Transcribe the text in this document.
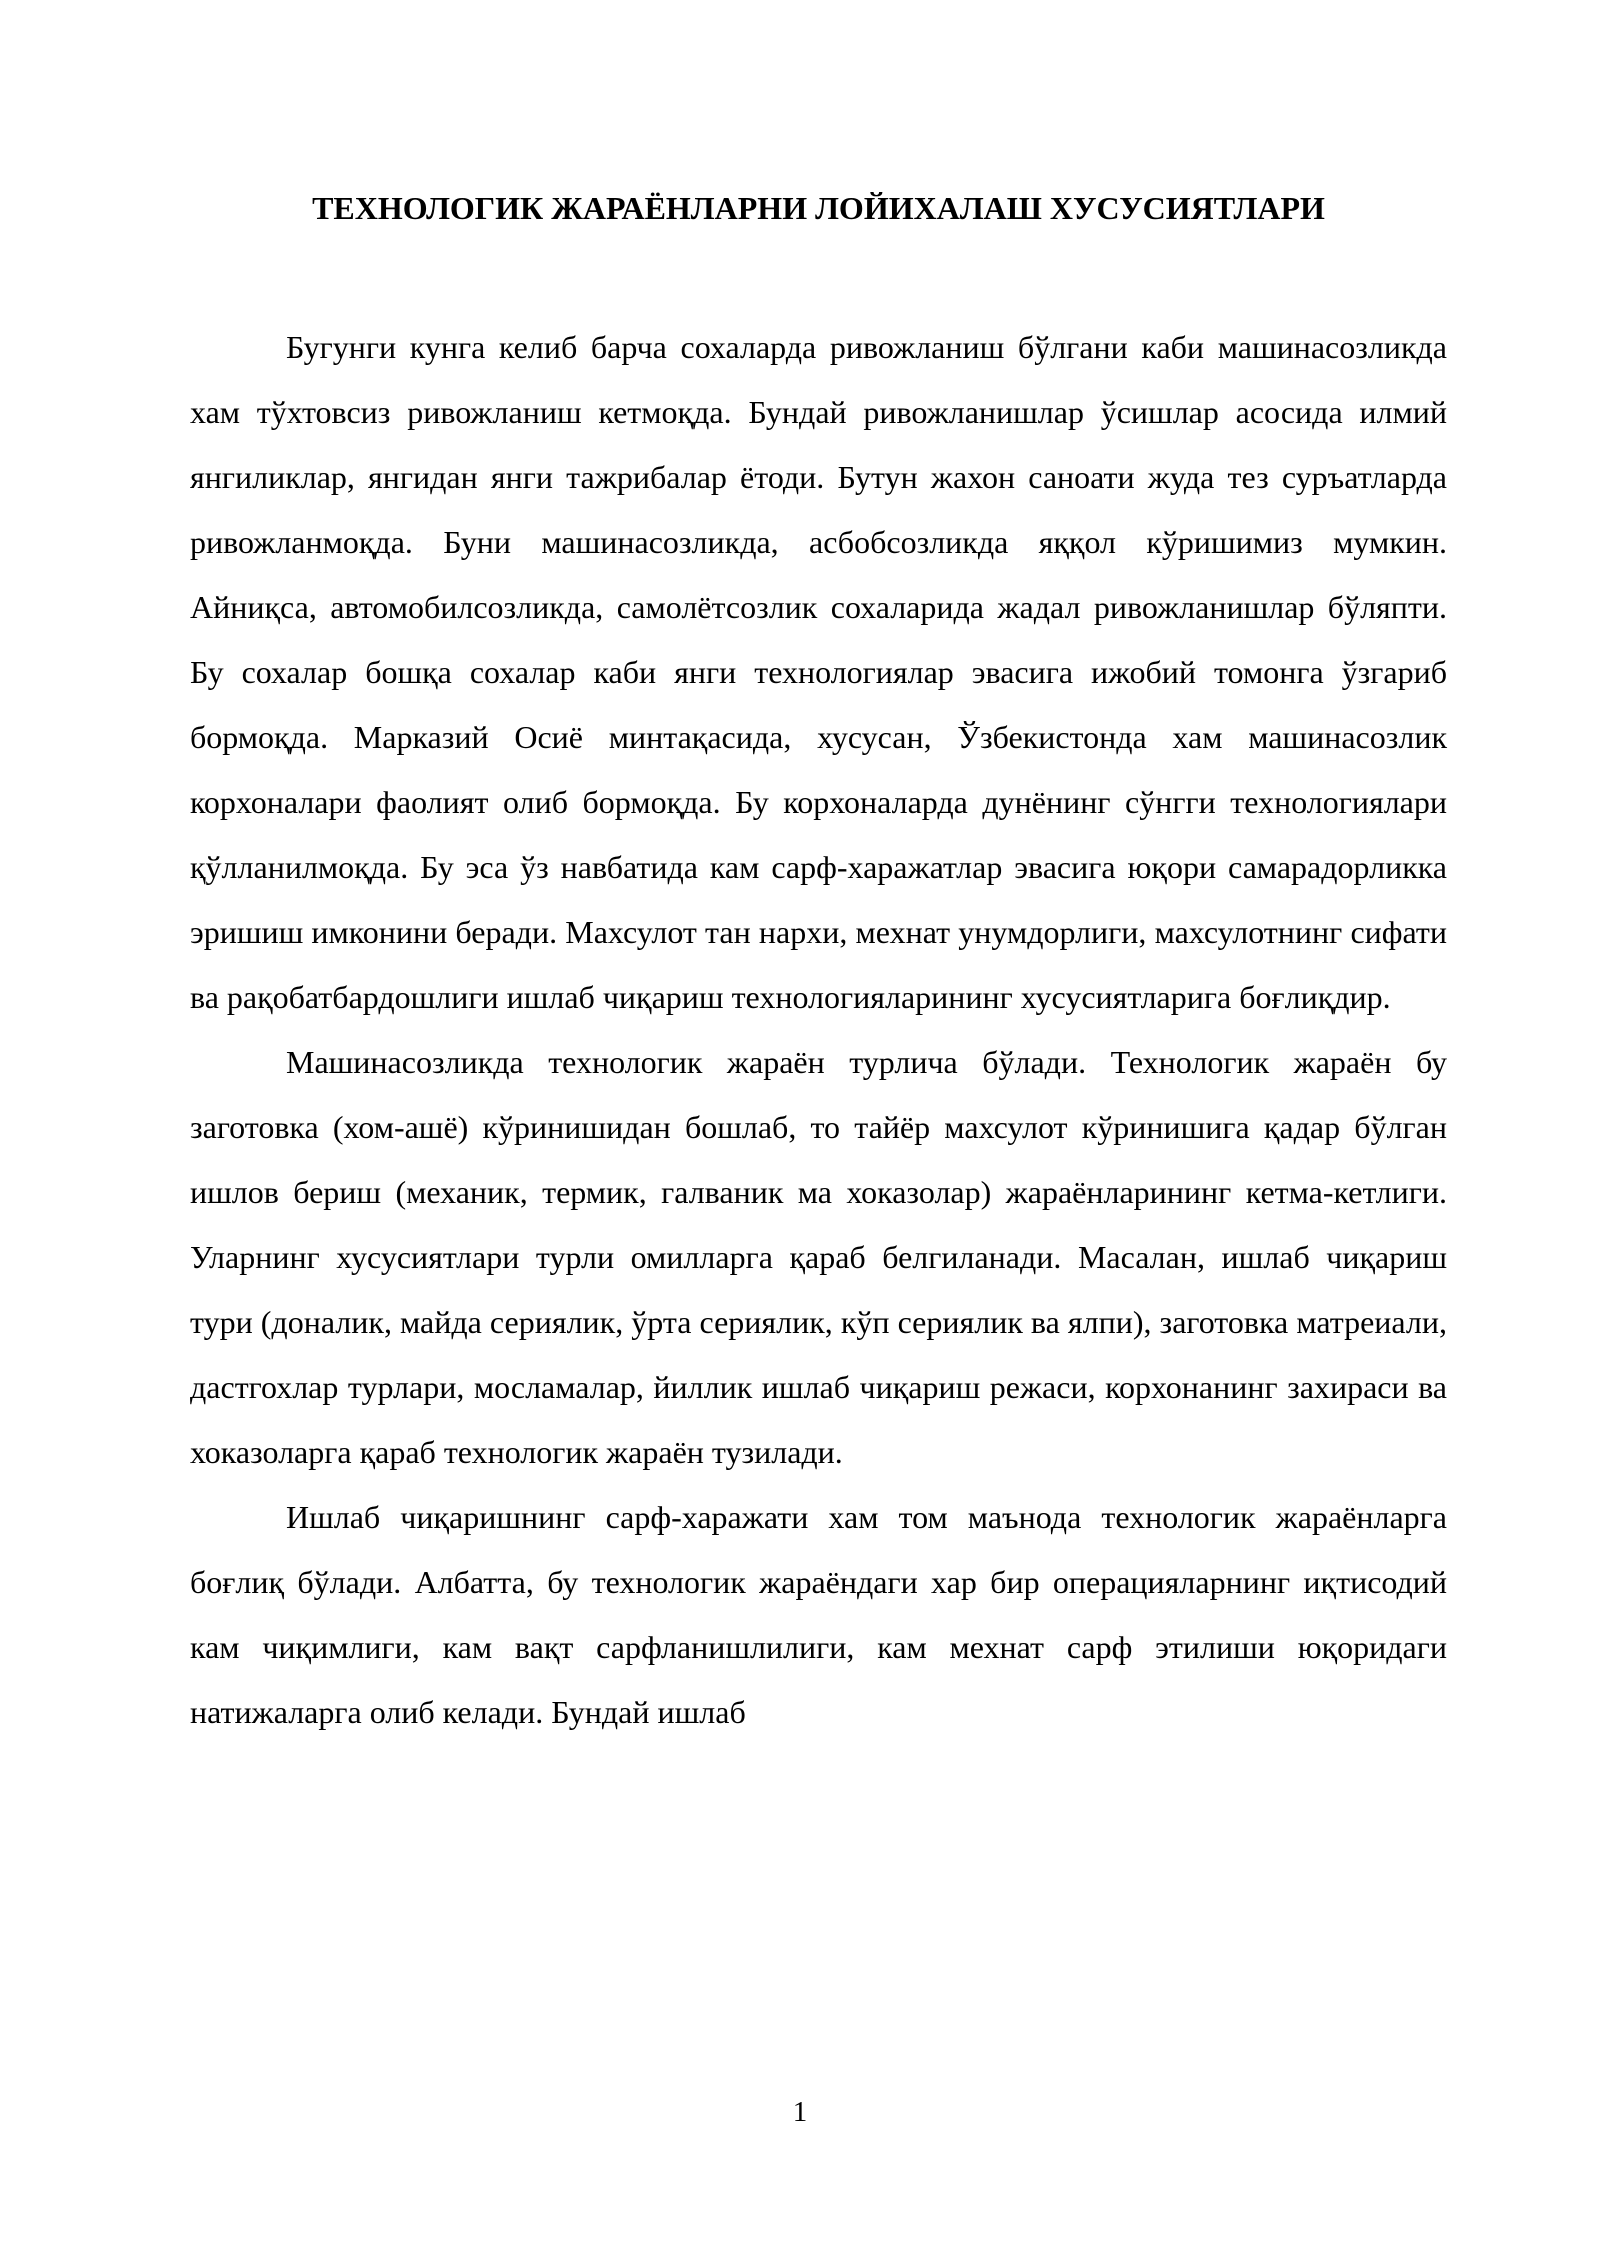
ТЕХНОЛОГИК ЖАРАЁНЛАРНИ ЛОЙИХАЛАШ ХУСУСИЯТЛАРИ

Бугунги кунга келиб барча сохаларда ривожланиш бўлгани каби машинасозликда хам тўхтовсиз ривожланиш кетмоқда. Бундай ривожланишлар ўсишлар асосида илмий янгиликлар, янгидан янги тажрибалар ётоди. Бутун жахон саноати жуда тез суръатларда ривожланмоқда. Буни машинасозликда, асбобсозликда яққол кўришимиз мумкин. Айниқса, автомобилсозликда, самолётсозлик сохаларида жадал ривожланишлар бўляпти. Бу сохалар бошқа сохалар каби янги технологиялар эвасига ижобий томонга ўзгариб бормоқда. Марказий Осиё минтақасида, хусусан, Ўзбекистонда хам машинасозлик корхоналари фаолият олиб бормоқда. Бу корхоналарда дунёнинг сўнгги технологиялари қўлланилмоқда. Бу эса ўз навбатида кам сарф-харажатлар эвасига юқори самарадорликка эришиш имконини беради. Махсулот тан нархи, мехнат унумдорлиги, махсулотнинг сифати ва рақобатбардошлиги ишлаб чиқариш технологияларининг хусусиятларига боғлиқдир.

Машинасозликда технологик жараён турлича бўлади. Технологик жараён бу заготовка (хом-ашё) кўринишидан бошлаб, то тайёр махсулот кўринишига қадар бўлган ишлов бериш (механик, термик, галваник ма хоказолар) жараёнларининг кетма-кетлиги. Уларнинг хусусиятлари турли омилларга қараб белгиланади. Масалан, ишлаб чиқариш тури (доналик, майда сериялик, ўрта сериялик, кўп сериялик ва ялпи), заготовка матреиали, дастгохлар турлари, мосламалар, йиллик ишлаб чиқариш режаси, корхонанинг захираси ва хоказоларга қараб технологик жараён тузилади.

Ишлаб чиқаришнинг сарф-харажати хам том маънода технологик жараёнларга боғлиқ бўлади. Албатта, бу технологик жараёндаги хар бир операцияларнинг иқтисодий кам чиқимлиги, кам вақт сарфланишлилиги, кам мехнат сарф этилиши юқоридаги натижаларга олиб келади. Бундай ишлаб

1
